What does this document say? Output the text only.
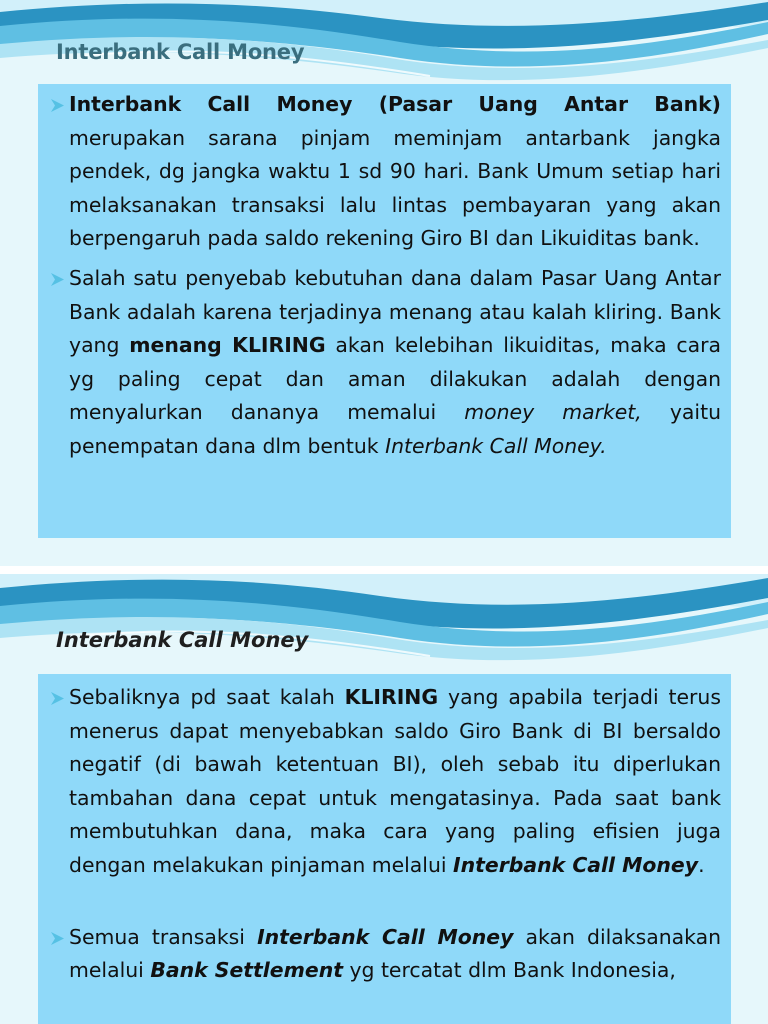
Interbank Call Money

Interbank Call Money (Pasar Uang Antar Bank) merupakan sarana pinjam meminjam antarbank jangka pendek, dg jangka waktu 1 sd 90 hari. Bank Umum setiap hari melaksanakan transaksi lalu lintas pembayaran yang akan berpengaruh pada saldo rekening Giro BI dan Likuiditas bank.

Salah satu penyebab kebutuhan dana dalam Pasar Uang Antar Bank adalah karena terjadinya menang atau kalah kliring. Bank yang menang KLIRING akan kelebihan likuiditas, maka cara yg paling cepat dan aman dilakukan adalah dengan menyalurkan dananya memalui money market, yaitu penempatan dana dlm bentuk Interbank Call Money.

Interbank Call Money

Sebaliknya pd saat kalah KLIRING yang apabila terjadi terus menerus dapat menyebabkan saldo Giro Bank di BI bersaldo negatif (di bawah ketentuan BI), oleh sebab itu diperlukan tambahan dana cepat untuk mengatasinya. Pada saat bank membutuhkan dana, maka cara yang paling efisien juga dengan melakukan pinjaman melalui Interbank Call Money.

Semua transaksi Interbank Call Money akan dilaksanakan melalui Bank Settlement yg tercatat dlm Bank Indonesia,
